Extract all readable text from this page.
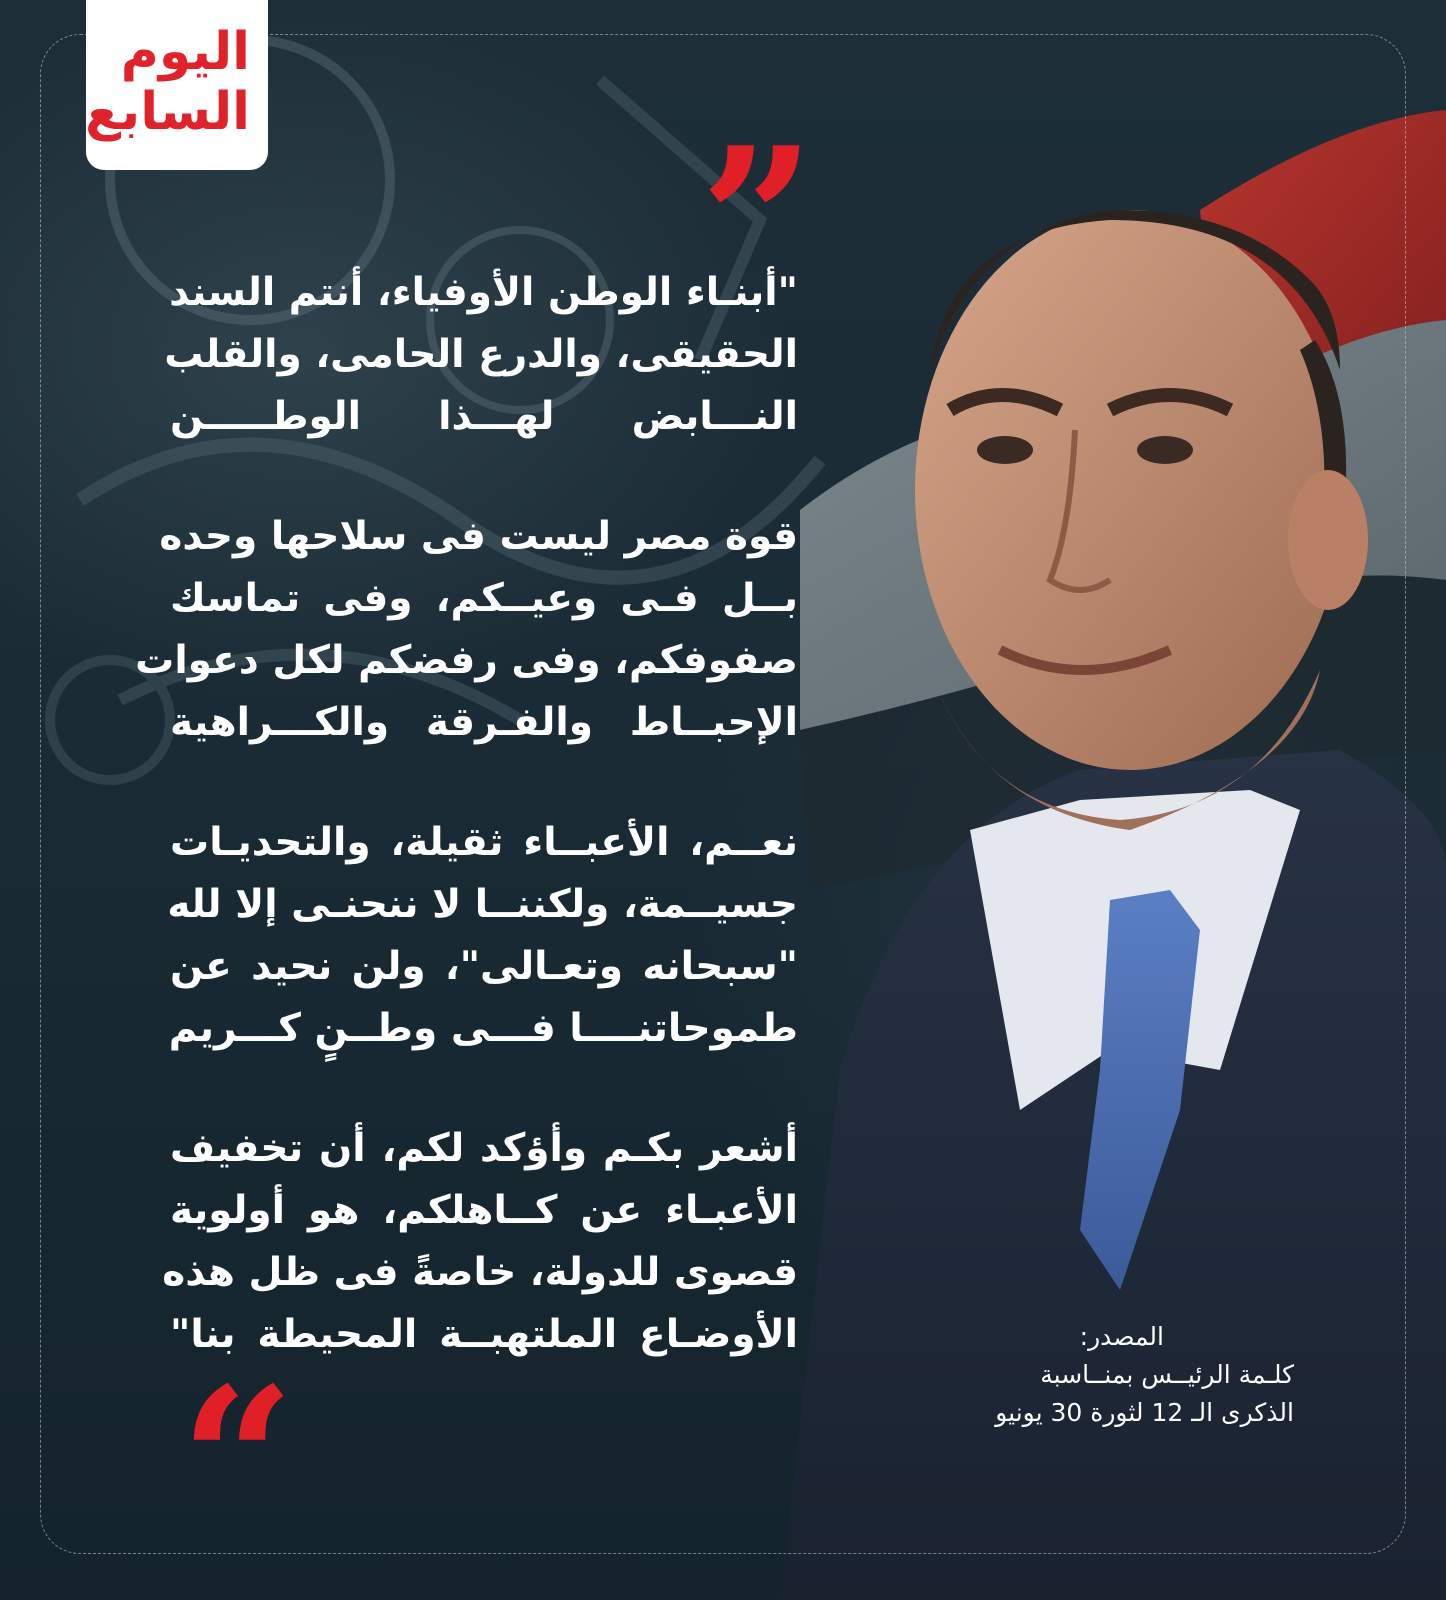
اليوم
السابع ”
"أبنـاء الوطن الأوفياء، أنتم السند
الحقيقى، والدرع الحامى، والقلب
النـــابض لهـــذا الوطـــــن
قوة مصر ليست فى سلاحها وحده
بــل فـى وعيــكم، وفى تماسك
صفوفكم، وفى رفضكم لكل دعوات
الإحبــاط والفـرقة والكـــراهية
نعــم، الأعبــاء ثقيلة، والتحديـات
جسيــمة، ولكننــا لا ننحنـى إلا لله
"سبحانه وتعـالى"، ولن نحيد عن
طموحاتنــــا فـــى وطــنٍ كـــريم
أشعر بكـم وأؤكد لكم، أن تخفيف
الأعبـاء عن كــاهلكم، هو أولوية
قصوى للدولة، خاصةً فى ظل هذه
الأوضـاع الملتهبــة المحيطة بنا"
“
المصدر:
كلـمة الرئيــس بمنــاسبة
الذكرى الـ 12 لثورة 30 يونيو
